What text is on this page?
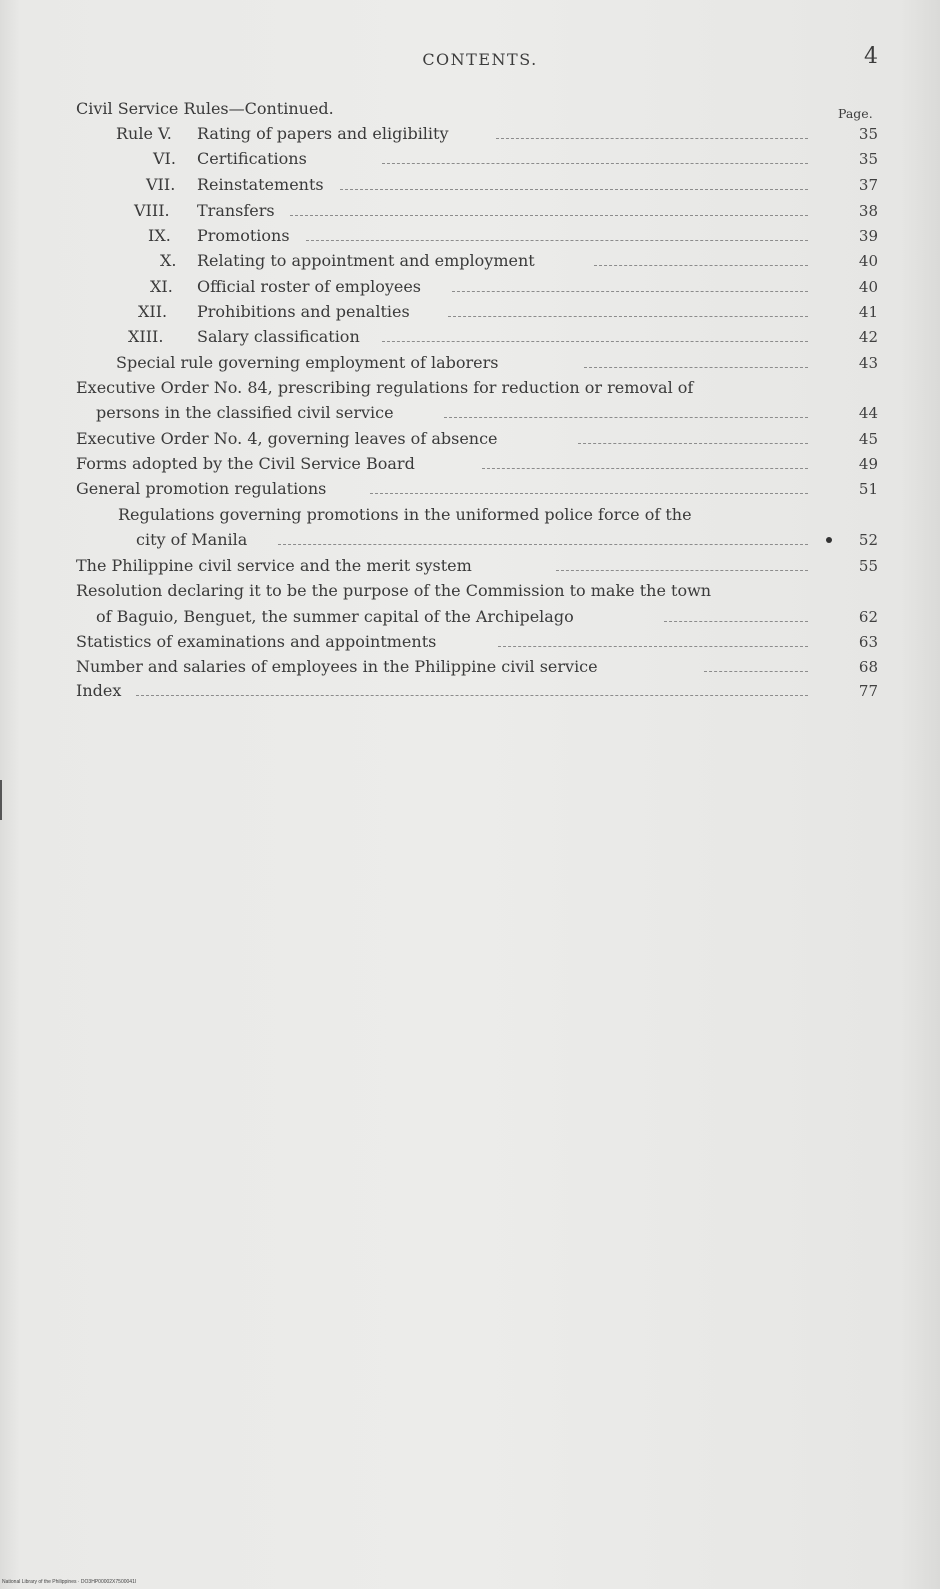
CONTENTS.	4
Page.
Civil Service Rules—Continued.
Rule V. Rating of papers and eligibility	35
VI. Certifications	35
VII. Reinstatements	37
VIII. Transfers	38
IX. Promotions	39
X. Relating to appointment and employment	40
XI. Official roster of employees	40
XII. Prohibitions and penalties	41
XIII. Salary classification	42
Special rule governing employment of laborers	43
Executive Order No. 84, prescribing regulations for reduction or removal of
persons in the classified civil service	44
Executive Order No. 4, governing leaves of absence	45
Forms adopted by the Civil Service Board	49
General promotion regulations	51
Regulations governing promotions in the uniformed police force of the
city of Manila	52
The Philippine civil service and the merit system	55
Resolution declaring it to be the purpose of the Commission to make the town
of Baguio, Benguet, the summer capital of the Archipelago	62
Statistics of examinations and appointments	63
Number and salaries of employees in the Philippine civil service	68
Index	77
National Library of the Philippines · DO3HP00002X7500041I
